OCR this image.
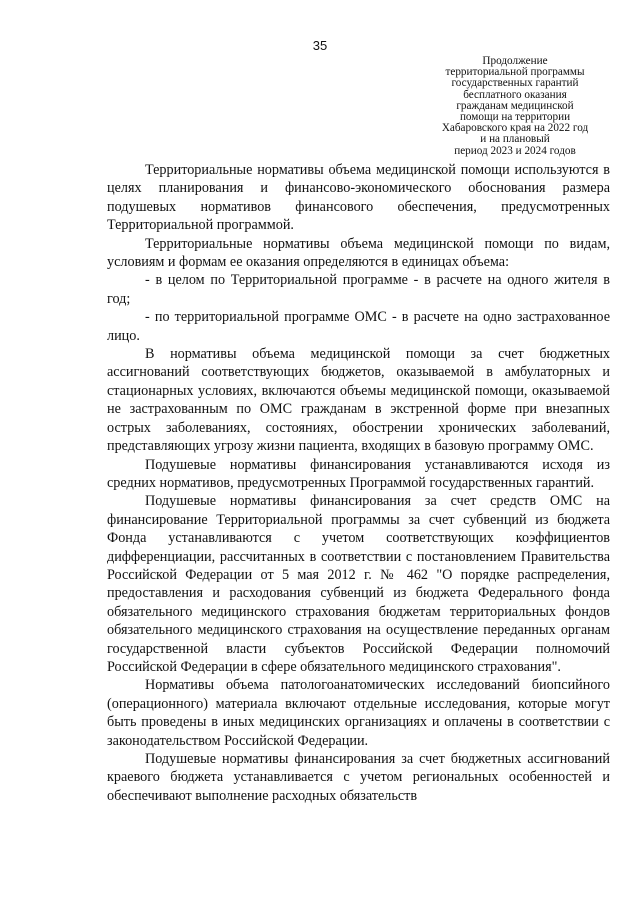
35
Продолжение
территориальной программы
государственных гарантий
бесплатного оказания
гражданам медицинской
помощи на территории
Хабаровского края на 2022 год
и на плановый
период 2023 и 2024 годов

Территориальные нормативы объема медицинской помощи используются в целях планирования и финансово-экономического обоснования размера подушевых нормативов финансового обеспечения, предусмотренных Территориальной программой.

Территориальные нормативы объема медицинской помощи по видам, условиям и формам ее оказания определяются в единицах объема:

- в целом по Территориальной программе - в расчете на одного жителя в год;

- по территориальной программе ОМС - в расчете на одно застрахованное лицо.

В нормативы объема медицинской помощи за счет бюджетных ассигнований соответствующих бюджетов, оказываемой в амбулаторных и стационарных условиях, включаются объемы медицинской помощи, оказываемой не застрахованным по ОМС гражданам в экстренной форме при внезапных острых заболеваниях, состояниях, обострении хронических заболеваний, представляющих угрозу жизни пациента, входящих в базовую программу ОМС.

Подушевые нормативы финансирования устанавливаются исходя из средних нормативов, предусмотренных Программой государственных гарантий.

Подушевые нормативы финансирования за счет средств ОМС на финансирование Территориальной программы за счет субвенций из бюджета Фонда устанавливаются с учетом соответствующих коэффициентов дифференциации, рассчитанных в соответствии с постановлением Правительства Российской Федерации от 5 мая 2012 г. № 462 "О порядке распределения, предоставления и расходования субвенций из бюджета Федерального фонда обязательного медицинского страхования бюджетам территориальных фондов обязательного медицинского страхования на осуществление переданных органам государственной власти субъектов Российской Федерации полномочий Российской Федерации в сфере обязательного медицинского страхования".

Нормативы объема патологоанатомических исследований биопсийного (операционного) материала включают отдельные исследования, которые могут быть проведены в иных медицинских организациях и оплачены в соответствии с законодательством Российской Федерации.

Подушевые нормативы финансирования за счет бюджетных ассигнований краевого бюджета устанавливается с учетом региональных особенностей и обеспечивают выполнение расходных обязательств
